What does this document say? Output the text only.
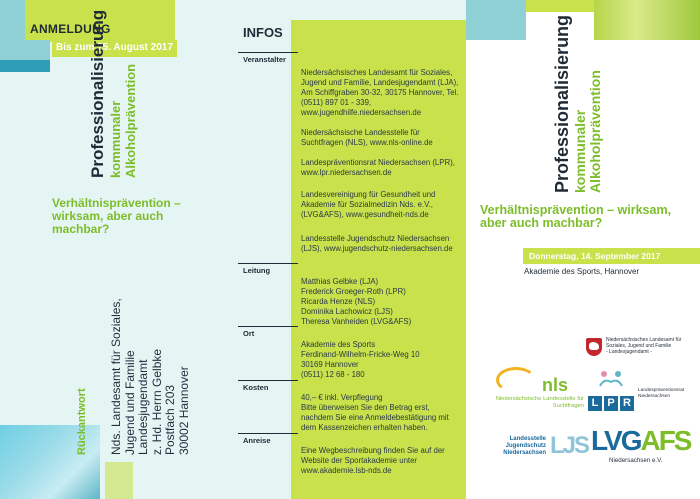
ANMELDUNG
Bis zum 25. August 2017
Professionalisierung kommunaler Alkoholprävention
Verhältnisprävention – wirksam, aber auch machbar?
Rückantwort Nds. Landesamt für Soziales, Jugend und Familie Landesjugendamt z. Hd. Herrn Gelbke Postfach 203 30002 Hannover
INFOS
Veranstalter
Niedersächsisches Landesamt für Soziales, Jugend und Familie, Landesjugendamt (LJA), Am Schiffgraben 30-32, 30175 Hannover, Tel. (0511) 897 01 - 339, www.jugendhilfe.niedersachsen.de
Niedersächsische Landesstelle für Suchtfragen (NLS), www.nls-online.de
Landespräventionsrat Niedersachsen (LPR), www.lpr.niedersachsen.de
Landesvereinigung für Gesundheit und Akademie für Sozialmedizin Nds. e.V., (LVG&AFS), www.gesundheit-nds.de
Landesstelle Jugendschutz Niedersachsen (LJS), www.jugendschutz-niedersachsen.de
Leitung
Matthias Gelbke (LJA)
Frederick Groeger-Roth (LPR)
Ricarda Henze (NLS)
Dominika Lachowicz (LJS)
Theresa Vanheiden (LVG&AFS)
Ort
Akademie des Sports
Ferdinand-Wilhelm-Fricke-Weg 10
30169 Hannover
(0511) 12 68 - 180
Kosten
40,– € inkl. Verpflegung
Bitte überweisen Sie den Betrag erst, nachdem Sie eine Anmeldebestätigung mit dem Kassenzeichen erhalten haben.
Anreise
Eine Wegbeschreibung finden Sie auf der Website der Sportakademie unter www.akademie.lsb-nds.de
Professionalisierung kommunaler Alkoholprävention
Verhältnisprävention – wirksam, aber auch machbar?
Donnerstag, 14. September 2017
Akademie des Sports, Hannover
Niedersächsisches Landesamt für Soziales, Jugend und Familie
- Landesjugendamt -
nls
Niedersächsische Landesstelle für Suchtfragen L P R
Landespräventionsrat Niedersachsen
Landesstelle Jugendschutz Niedersachsen LJS LVGAFS
Niedersachsen e.V.
